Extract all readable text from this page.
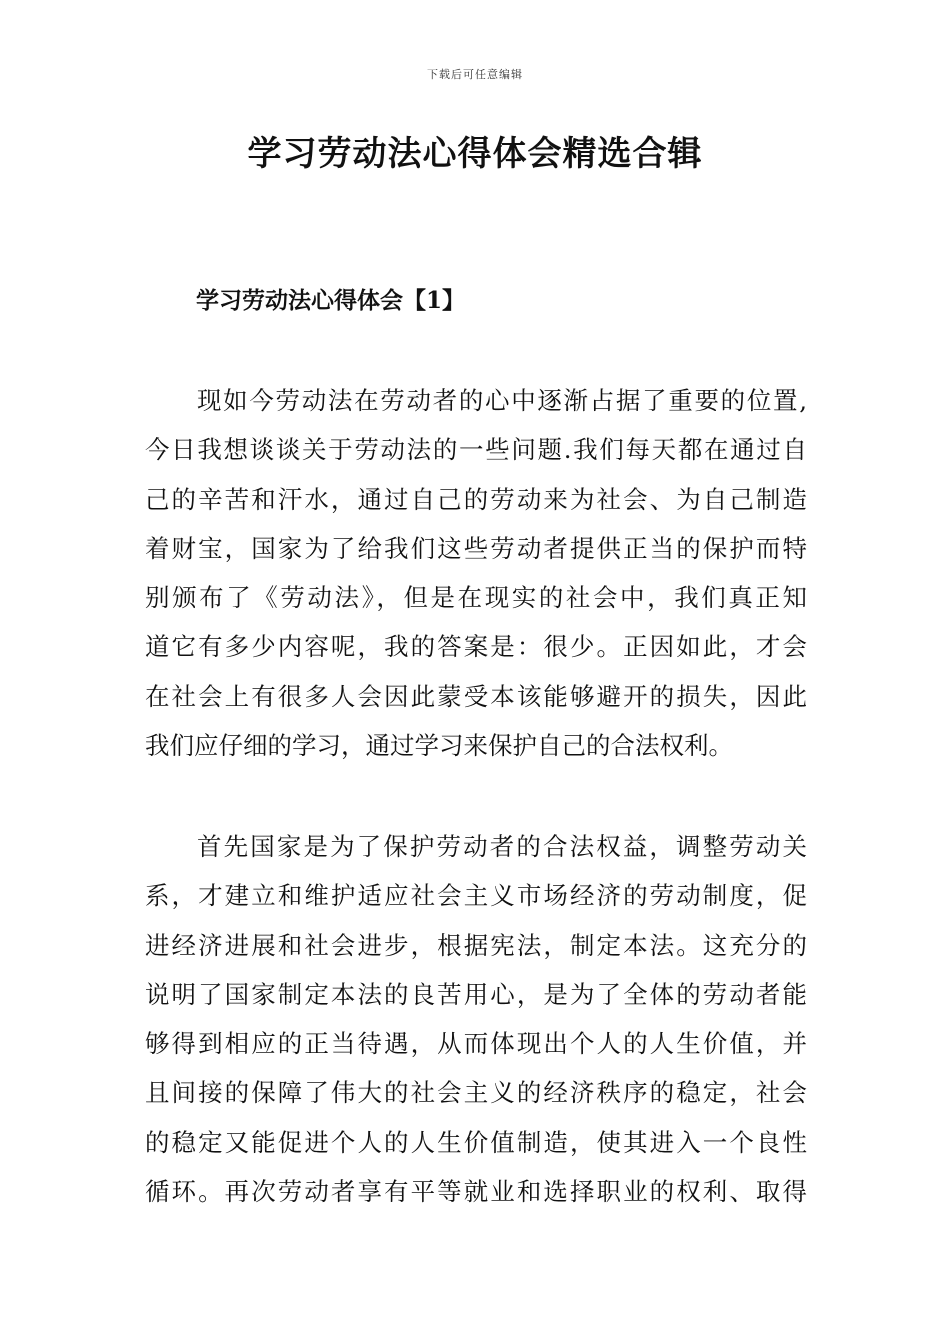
下载后可任意编辑
学习劳动法心得体会精选合辑
学习劳动法心得体会【1】
现如今劳动法在劳动者的心中逐渐占据了重要的位置,
今日我想谈谈关于劳动法的一些问题.我们每天都在通过自
己的辛苦和汗水，通过自己的劳动来为社会、为自己制造
着财宝，国家为了给我们这些劳动者提供正当的保护而特
别颁布了《劳动法》，但是在现实的社会中，我们真正知
道它有多少内容呢，我的答案是：很少。正因如此，才会
在社会上有很多人会因此蒙受本该能够避开的损失，因此
我们应仔细的学习，通过学习来保护自己的合法权利。
首先国家是为了保护劳动者的合法权益，调整劳动关
系，才建立和维护适应社会主义市场经济的劳动制度，促
进经济进展和社会进步，根据宪法，制定本法。这充分的
说明了国家制定本法的良苦用心，是为了全体的劳动者能
够得到相应的正当待遇，从而体现出个人的人生价值，并
且间接的保障了伟大的社会主义的经济秩序的稳定，社会
的稳定又能促进个人的人生价值制造，使其进入一个良性
循环。再次劳动者享有平等就业和选择职业的权利、取得
